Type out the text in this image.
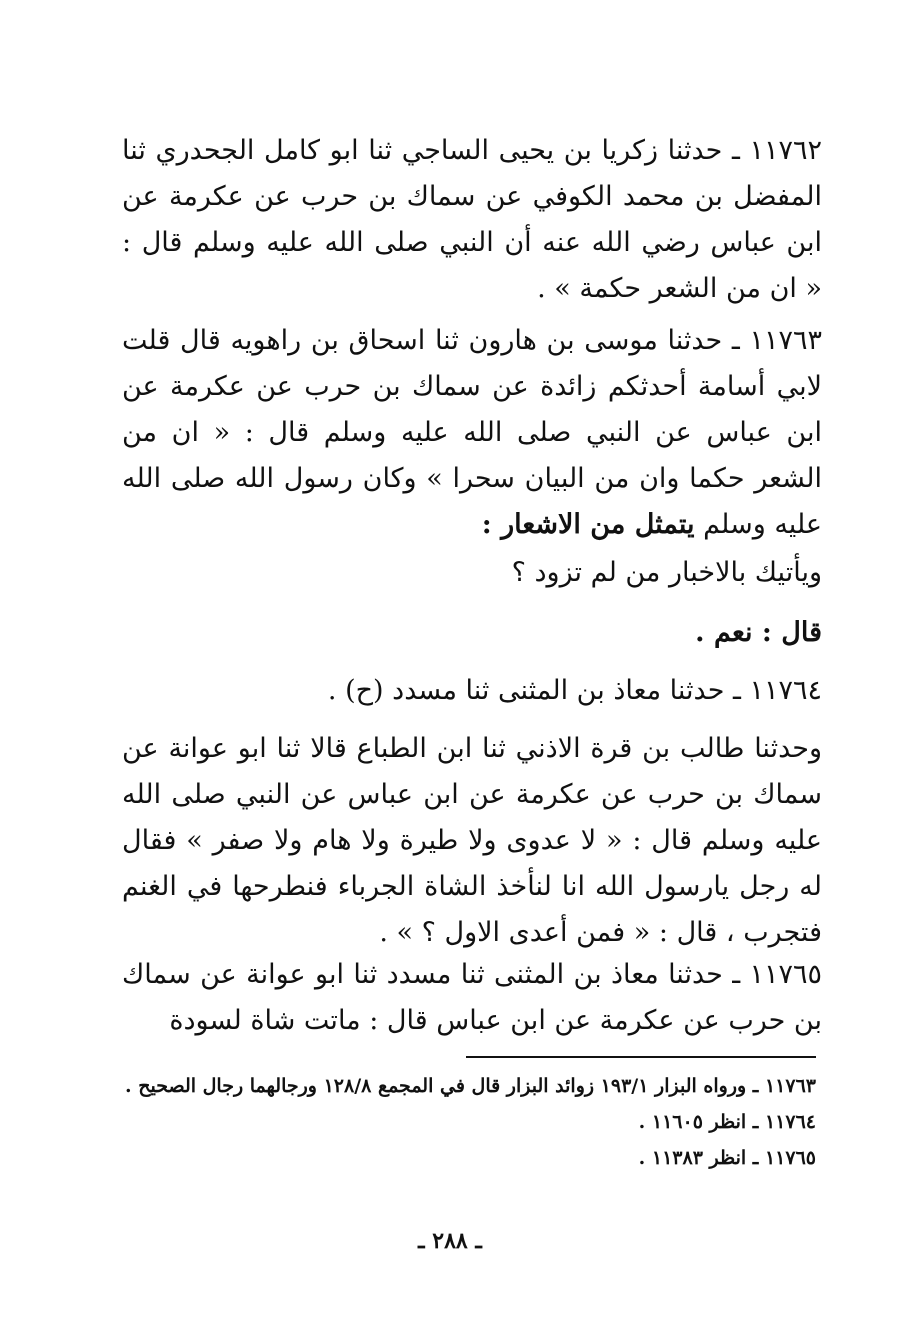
١١٧٦٢ ـ حدثنا زكريا بن يحيى الساجي ثنا ابو كامل الجحدري ثنا المفضل بن محمد الكوفي عن سماك بن حرب عن عكرمة عن ابن عباس رضي الله عنه أن النبي صلى الله عليه وسلم قال : « ان من الشعر حكمة » .
١١٧٦٣ ـ حدثنا موسى بن هارون ثنا اسحاق بن راهويه قال قلت لابي أسامة أحدثكم زائدة عن سماك بن حرب عن عكرمة عن ابن عباس عن النبي صلى الله عليه وسلم قال : « ان من الشعر حكما وان من البيان سحرا » وكان رسول الله صلى الله عليه وسلم يتمثل من الاشعار :
ويأتيك بالاخبار من لم تزود ؟
قال : نعم .
١١٧٦٤ ـ حدثنا معاذ بن المثنى ثنا مسدد (ح) .
وحدثنا طالب بن قرة الاذني ثنا ابن الطباع قالا ثنا ابو عوانة عن سماك بن حرب عن عكرمة عن ابن عباس عن النبي صلى الله عليه وسلم قال : « لا عدوى ولا طيرة ولا هام ولا صفر » فقال له رجل يارسول الله انا لنأخذ الشاة الجرباء فنطرحها في الغنم فتجرب ، قال : « فمن أعدى الاول ؟ » .
١١٧٦٥ ـ حدثنا معاذ بن المثنى ثنا مسدد ثنا ابو عوانة عن سماك بن حرب عن عكرمة عن ابن عباس قال : ماتت شاة لسودة
١١٧٦٣ ـ ورواه البزار ١٩٣/١ زوائد البزار قال في المجمع ١٢٨/٨ ورجالهما رجال الصحيح .
١١٧٦٤ ـ انظر ١١٦٠٥ .
١١٧٦٥ ـ انظر ١١٣٨٣ .
ـ ٢٨٨ ـ
